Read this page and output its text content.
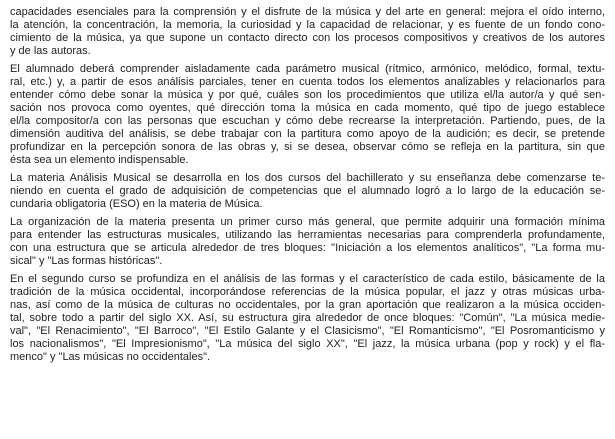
capacidades esenciales para la comprensión y el disfrute de la música y del arte en general: mejora el oído interno,
la atención, la concentración, la memoria, la curiosidad y la capacidad de relacionar, y es fuente de un fondo cono-
cimiento de la música, ya que supone un contacto directo con los procesos compositivos y creativos de los autores
y de las autoras.

El alumnado deberá comprender aisladamente cada parámetro musical (rítmico, armónico, melódico, formal, textu-
ral, etc.) y, a partir de esos análisis parciales, tener en cuenta todos los elementos analizables y relacionarlos para
entender cómo debe sonar la música y por qué, cuáles son los procedimientos que utiliza el/la autor/a y qué sen-
sación nos provoca como oyentes, qué dirección toma la música en cada momento, qué tipo de juego establece
el/la compositor/a con las personas que escuchan y cómo debe recrearse la interpretación. Partiendo, pues, de la
dimensión auditiva del análisis, se debe trabajar con la partitura como apoyo de la audición; es decir, se pretende
profundizar en la percepción sonora de las obras y, si se desea, observar cómo se refleja en la partitura, sin que
ésta sea un elemento indispensable.

La materia Análisis Musical se desarrolla en los dos cursos del bachillerato y su enseñanza debe comenzarse te-
niendo en cuenta el grado de adquisición de competencias que el alumnado logró a lo largo de la educación se-
cundaria obligatoria (ESO) en la materia de Música.

La organización de la materia presenta un primer curso más general, que permite adquirir una formación mínima
para entender las estructuras musicales, utilizando las herramientas necesarias para comprenderla profundamente,
con una estructura que se articula alrededor de tres bloques: "Iniciación a los elementos analíticos", "La forma mu-
sical" y "Las formas históricas".

En el segundo curso se profundiza en el análisis de las formas y el característico de cada estilo, básicamente de la
tradición de la música occidental, incorporándose referencias de la música popular, el jazz y otras músicas urba-
nas, así como de la música de culturas no occidentales, por la gran aportación que realizaron a la música occiden-
tal, sobre todo a partir del siglo XX. Así, su estructura gira alrededor de once bloques: "Común", "La música medie-
val", "El Renacimiento", "El Barroco", "El Estilo Galante y el Clasicismo", "El Romanticismo", "El Posromanticismo y
los nacionalismos", "El Impresionismo", "La música del siglo XX", "El jazz, la música urbana (pop y rock) y el fla-
menco" y "Las músicas no occidentales".
